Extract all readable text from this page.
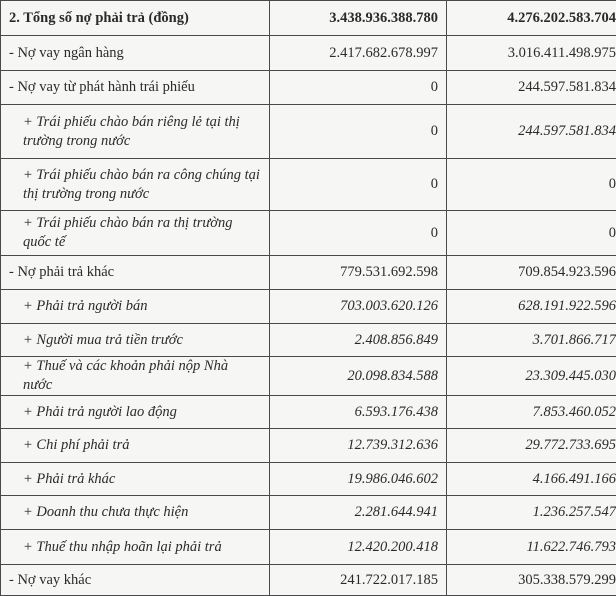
2. Tổng số nợ phải trả (đồng)	3.438.936.388.780	4.276.202.583.704
- Nợ vay ngân hàng	2.417.682.678.997	3.016.411.498.975
- Nợ vay từ phát hành trái phiếu	0	244.597.581.834
+ Trái phiếu chào bán riêng lẻ tại thị trường trong nước	0	244.597.581.834
+ Trái phiếu chào bán ra công chúng tại thị trường trong nước	0	0
+ Trái phiếu chào bán ra thị trường quốc tế	0	0
- Nợ phải trả khác	779.531.692.598	709.854.923.596
+ Phải trả người bán	703.003.620.126	628.191.922.596
+ Người mua trả tiền trước	2.408.856.849	3.701.866.717
+ Thuế và các khoản phải nộp Nhà nước	20.098.834.588	23.309.445.030
+ Phải trả người lao động	6.593.176.438	7.853.460.052
+ Chi phí phải trả	12.739.312.636	29.772.733.695
+ Phải trả khác	19.986.046.602	4.166.491.166
+ Doanh thu chưa thực hiện	2.281.644.941	1.236.257.547
+ Thuế thu nhập hoãn lại phải trả	12.420.200.418	11.622.746.793
- Nợ vay khác	241.722.017.185	305.338.579.299
